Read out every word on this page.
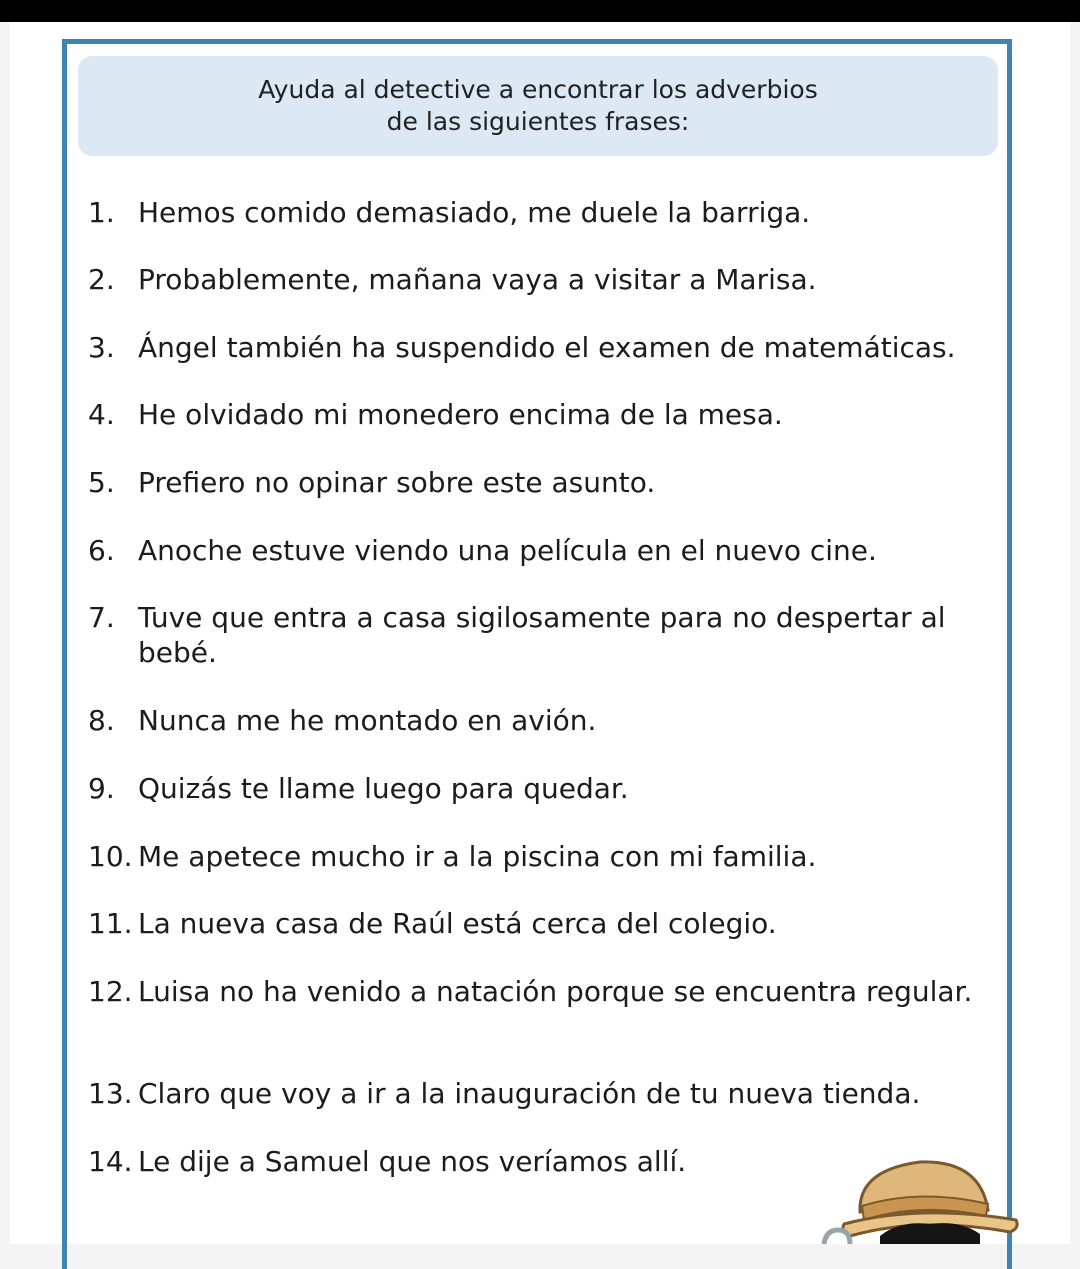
Ayuda al detective a encontrar los adverbios
de las siguientes frases:
1. Hemos comido demasiado, me duele la barriga.
2. Probablemente, mañana vaya a visitar a Marisa.
3. Ángel también ha suspendido el examen de matemáticas.
4. He olvidado mi monedero encima de la mesa.
5. Prefiero no opinar sobre este asunto.
6. Anoche estuve viendo una película en el nuevo cine.
7. Tuve que entra a casa sigilosamente para no despertar al bebé.
8. Nunca me he montado en avión.
9. Quizás te llame luego para quedar.
10. Me apetece mucho ir a la piscina con mi familia.
11. La nueva casa de Raúl está cerca del colegio.
12. Luisa no ha venido a natación porque se encuentra regular.
13. Claro que voy a ir a la inauguración de tu nueva tienda.
14. Le dije a Samuel que nos veríamos allí.
